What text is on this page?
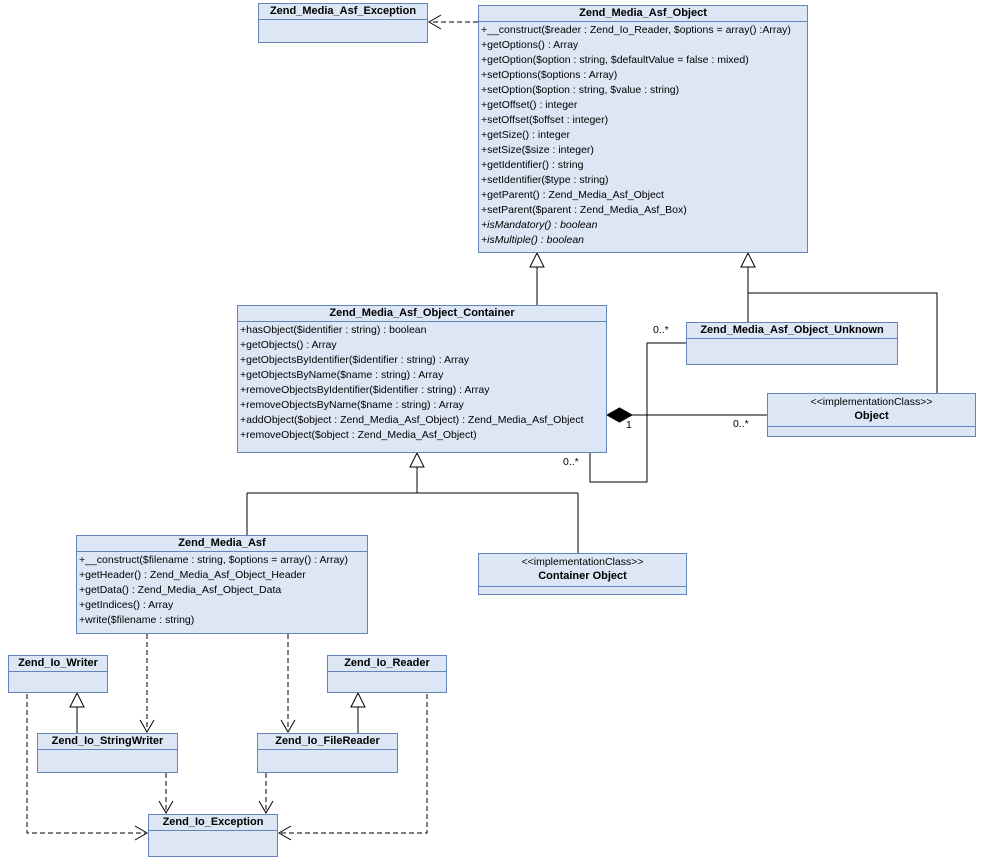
Zend_Media_Asf_Exception	Zend_Media_Asf_Object
+__construct($reader : Zend_Io_Reader, $options = array() :Array)
+getOptions() : Array
+getOption($option : string, $defaultValue = false : mixed)
+setOptions($options : Array)
+setOption($option : string, $value : string)
+getOffset() : integer
+setOffset($offset : integer)
+getSize() : integer
+setSize($size : integer)
+getIdentifier() : string
+setIdentifier($type : string)
+getParent() : Zend_Media_Asf_Object
+setParent($parent : Zend_Media_Asf_Box)
+isMandatory() : boolean
+isMultiple() : boolean
Zend_Media_Asf_Object_Container
+hasObject($identifier : string) : boolean
+getObjects() : Array
+getObjectsByIdentifier($identifier : string) : Array
+getObjectsByName($name : string) : Array
+removeObjectsByIdentifier($identifier : string) : Array
+removeObjectsByName($name : string) : Array
+addObject($object : Zend_Media_Asf_Object) : Zend_Media_Asf_Object
+removeObject($object : Zend_Media_Asf_Object)
Zend_Media_Asf_Object_Unknown
<<implementationClass>>
Object
Zend_Media_Asf
+__construct($filename : string, $options = array() : Array)
+getHeader() : Zend_Media_Asf_Object_Header
+getData() : Zend_Media_Asf_Object_Data
+getIndices() : Array
+write($filename : string)
<<implementationClass>>
Container Object
Zend_Io_Writer	Zend_Io_Reader
Zend_Io_StringWriter	Zend_Io_FileReader
Zend_Io_Exception
0..*
0..*
1	0..*
